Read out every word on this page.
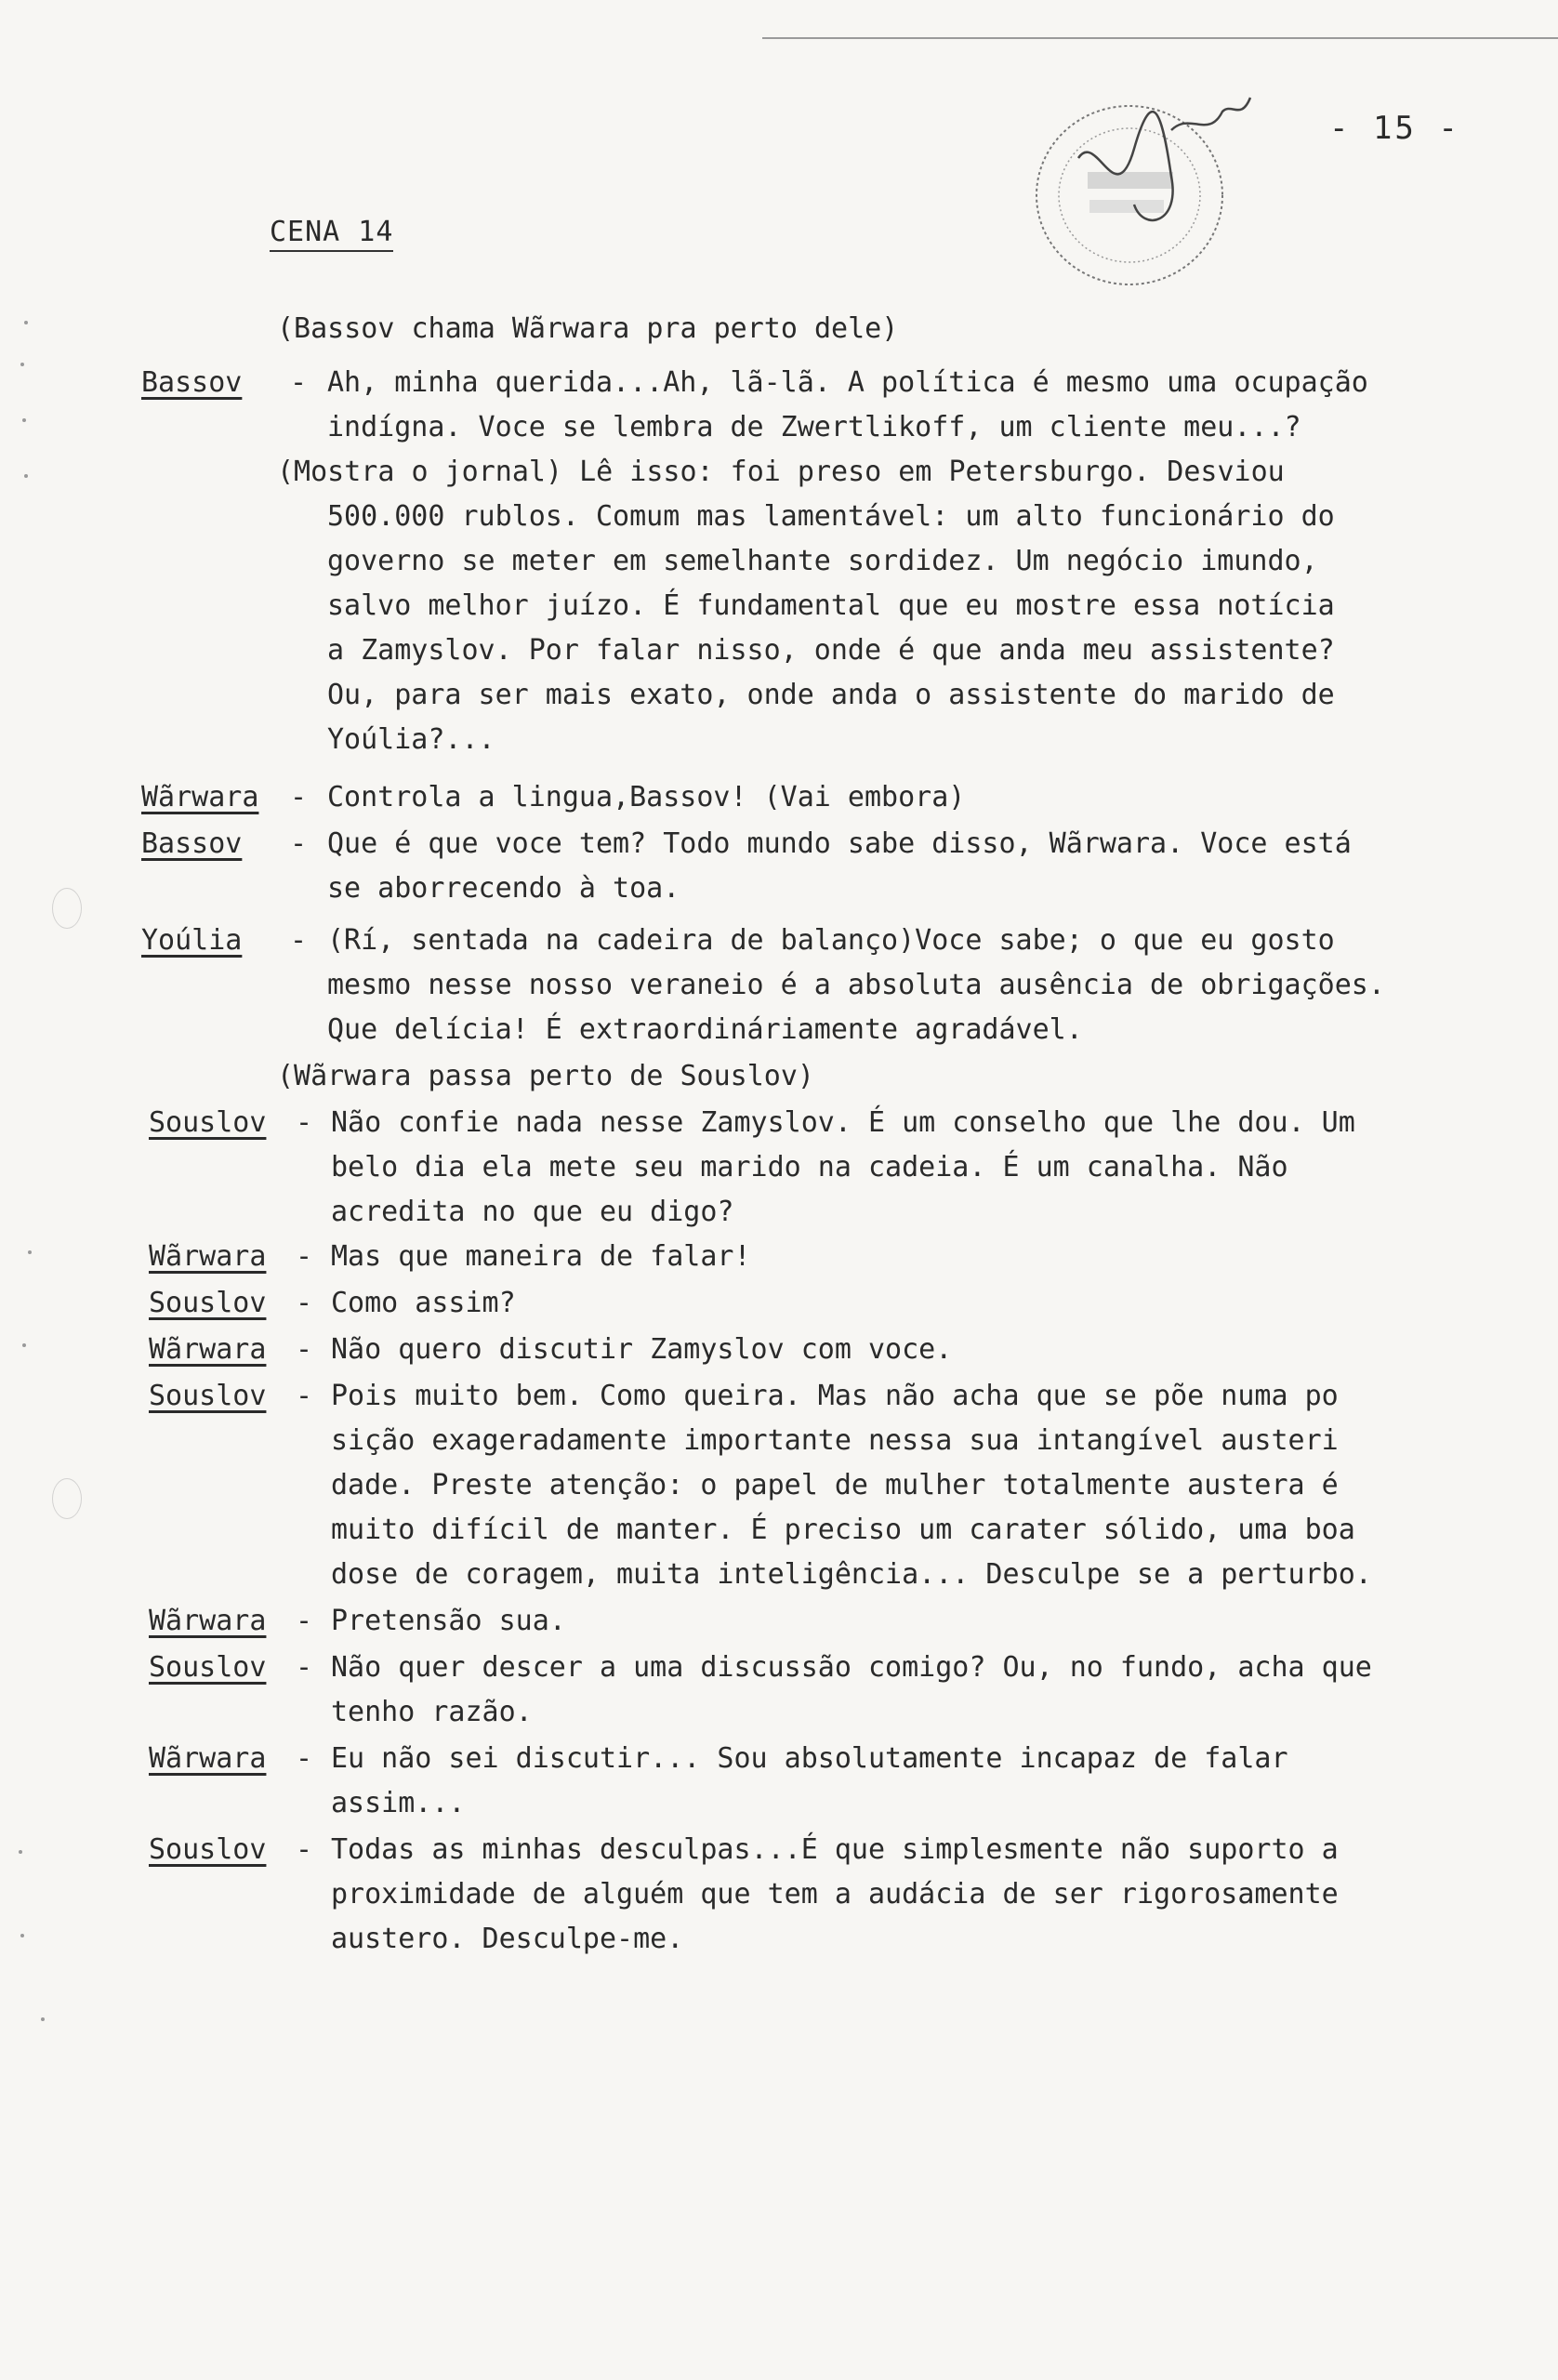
- 15 -
CENA 14
(Bassov chama Wãrwara pra perto dele)
Bassov - Ah, minha querida...Ah, lã-lã. A política é mesmo uma ocupação
indígna. Voce se lembra de Zwertlikoff, um cliente meu...?
(Mostra o jornal) Lê isso: foi preso em Petersburgo. Desviou
500.000 rublos. Comum mas lamentável: um alto funcionário do
governo se meter em semelhante sordidez. Um negócio imundo,
salvo melhor juízo. É fundamental que eu mostre essa notícia
a Zamyslov. Por falar nisso, onde é que anda meu assistente?
Ou, para ser mais exato, onde anda o assistente do marido de
Yoúlia?...
Wãrwara - Controla a lingua,Bassov! (Vai embora)
Bassov - Que é que voce tem? Todo mundo sabe disso, Wãrwara. Voce está
se aborrecendo à toa.
Yoúlia - (Rí, sentada na cadeira de balanço)Voce sabe; o que eu gosto
mesmo nesse nosso veraneio é a absoluta ausência de obrigações.
Que delícia! É extraordináriamente agradável.
(Wãrwara passa perto de Souslov)
Souslov - Não confie nada nesse Zamyslov. É um conselho que lhe dou. Um
belo dia ela mete seu marido na cadeia. É um canalha. Não
acredita no que eu digo?
Wãrwara - Mas que maneira de falar!
Souslov - Como assim?
Wãrwara - Não quero discutir Zamyslov com voce.
Souslov - Pois muito bem. Como queira. Mas não acha que se põe numa po
sição exageradamente importante nessa sua intangível austeri
dade. Preste atenção: o papel de mulher totalmente austera é
muito difícil de manter. É preciso um carater sólido, uma boa
dose de coragem, muita inteligência... Desculpe se a perturbo.
Wãrwara - Pretensão sua.
Souslov - Não quer descer a uma discussão comigo? Ou, no fundo, acha que
tenho razão.
Wãrwara - Eu não sei discutir... Sou absolutamente incapaz de falar
assim...
Souslov - Todas as minhas desculpas...É que simplesmente não suporto a
proximidade de alguém que tem a audácia de ser rigorosamente
austero. Desculpe-me.
